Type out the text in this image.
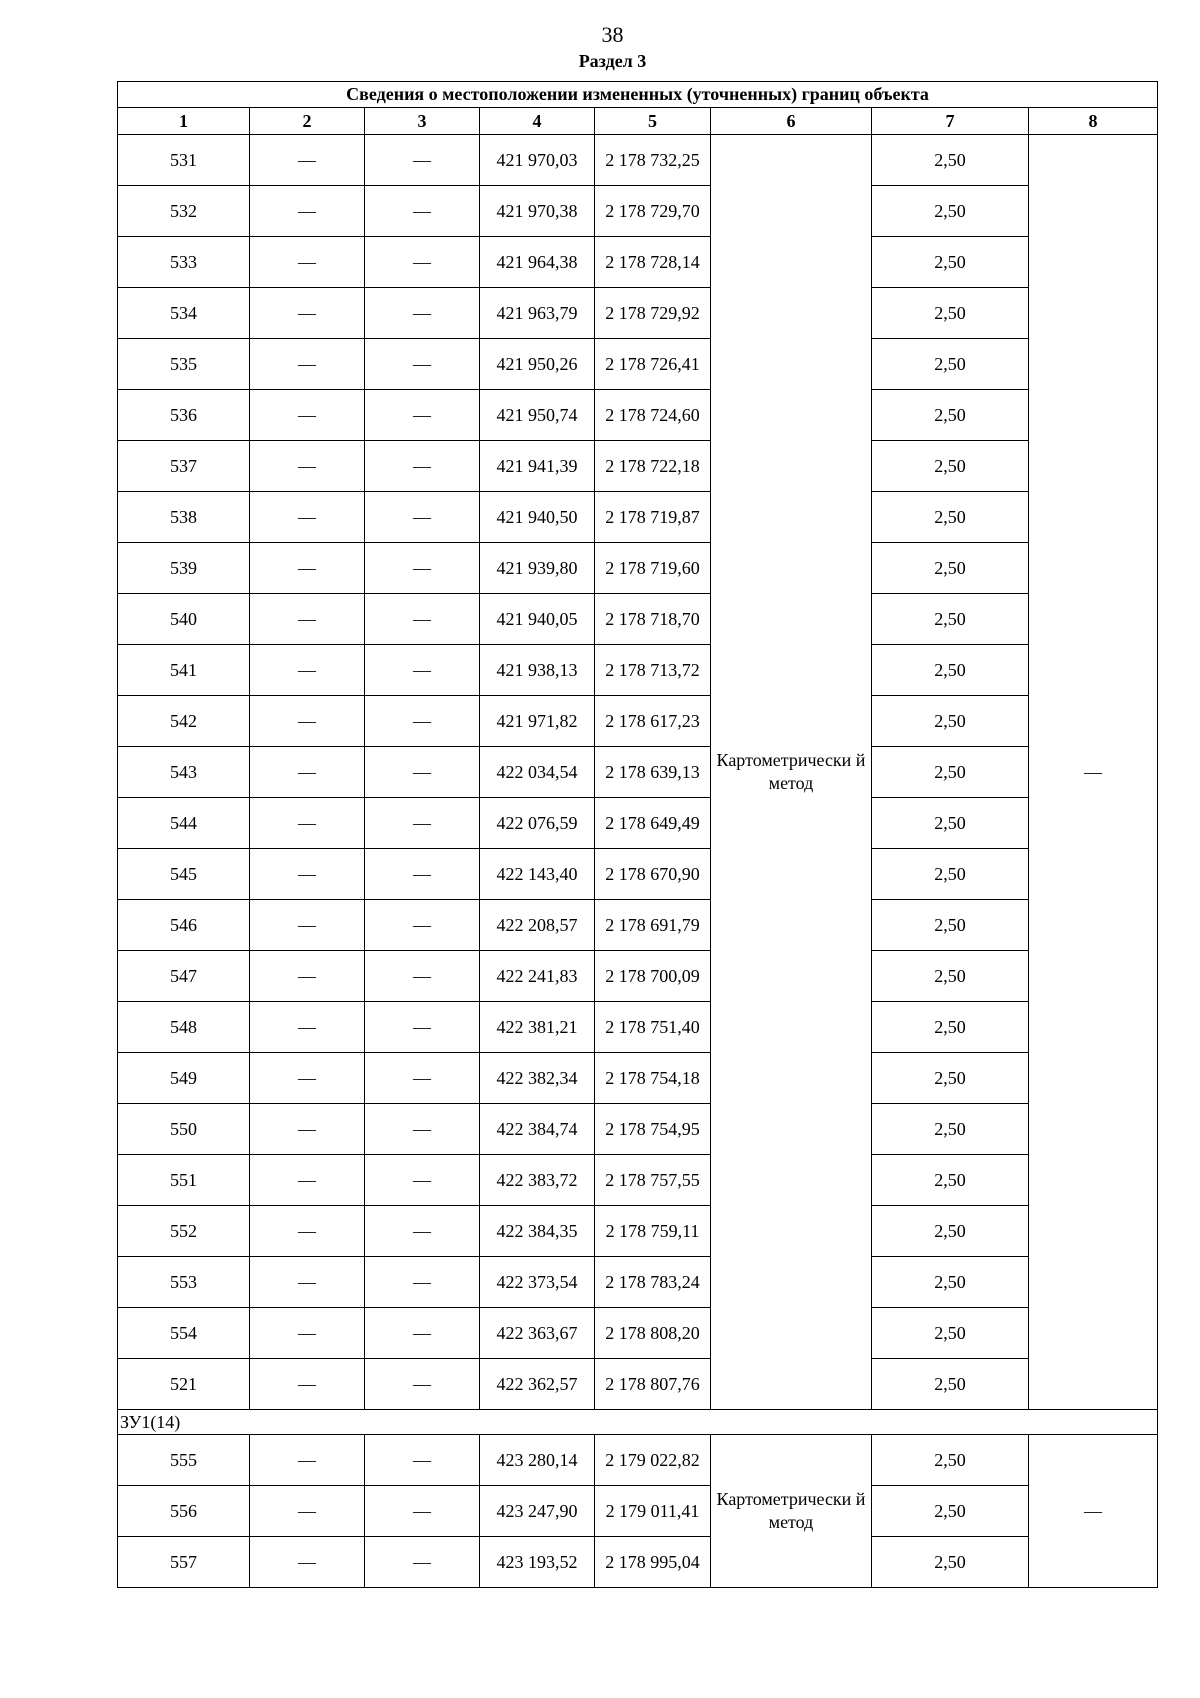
38
Раздел 3
Сведения о местоположении измененных (уточненных) границ объекта							
1	2	3	4	5	6	7	8
531	—	—	421 970,03	2 178 732,25	Картометрически й метод	2,50	—
532	—	—	421 970,38	2 178 729,70		2,50	
533	—	—	421 964,38	2 178 728,14		2,50	
534	—	—	421 963,79	2 178 729,92		2,50	
535	—	—	421 950,26	2 178 726,41		2,50	
536	—	—	421 950,74	2 178 724,60		2,50	
537	—	—	421 941,39	2 178 722,18		2,50	
538	—	—	421 940,50	2 178 719,87		2,50	
539	—	—	421 939,80	2 178 719,60		2,50	
540	—	—	421 940,05	2 178 718,70		2,50	
541	—	—	421 938,13	2 178 713,72		2,50	
542	—	—	421 971,82	2 178 617,23		2,50	
543	—	—	422 034,54	2 178 639,13		2,50	
544	—	—	422 076,59	2 178 649,49		2,50	
545	—	—	422 143,40	2 178 670,90		2,50	
546	—	—	422 208,57	2 178 691,79		2,50	
547	—	—	422 241,83	2 178 700,09		2,50	
548	—	—	422 381,21	2 178 751,40		2,50	
549	—	—	422 382,34	2 178 754,18		2,50	
550	—	—	422 384,74	2 178 754,95		2,50	
551	—	—	422 383,72	2 178 757,55		2,50	
552	—	—	422 384,35	2 178 759,11		2,50	
553	—	—	422 373,54	2 178 783,24		2,50	
554	—	—	422 363,67	2 178 808,20		2,50	
521	—	—	422 362,57	2 178 807,76		2,50	
ЗУ1(14)							
555	—	—	423 280,14	2 179 022,82	Картометрически й метод	2,50	—
556	—	—	423 247,90	2 179 011,41		2,50	
557	—	—	423 193,52	2 178 995,04		2,50	
